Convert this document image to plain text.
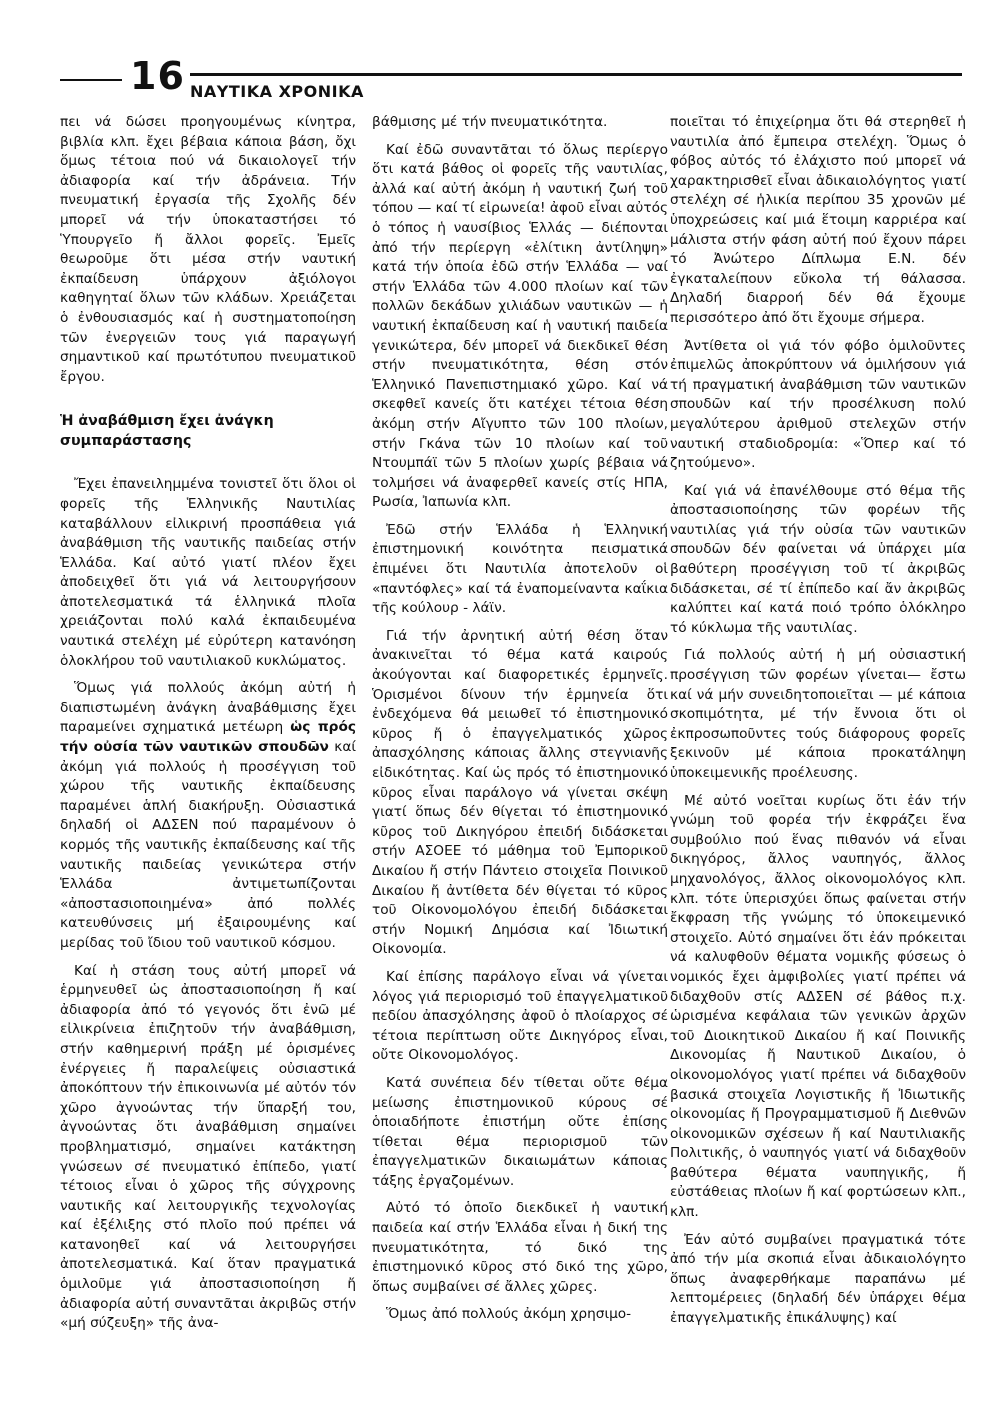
16 ΝΑΥΤΙΚΑ ΧΡΟΝΙΚΑ

πει νά δώσει προηγουμένως κίνητρα, βιβλία κλπ. ἔχει βέβαια κάποια βάση, ὄχι ὅμως τέτοια πού νά δικαιολογεῖ τήν ἀδιαφορία καί τήν ἀδράνεια. Τήν πνευματική ἐργασία τῆς Σχολῆς δέν μπορεῖ νά τήν ὑποκαταστήσει τό Ὑπουργεῖο ἤ ἄλλοι φορεῖς. Ἐμεῖς θεωροῦμε ὅτι μέσα στήν ναυτική ἐκπαίδευση ὑπάρχουν ἀξιόλογοι καθηγηταί ὅλων τῶν κλάδων. Χρειάζεται ὁ ἐνθουσιασμός καί ἡ συστηματοποίηση τῶν ἐνεργειῶν τους γιά παραγωγή σημαντικοῦ καί πρωτότυπου πνευματικοῦ ἔργου.

Ἡ ἀναβάθμιση ἔχει ἀνάγκη συμπαράστασης

Ἔχει ἐπανειλημμένα τονιστεῖ ὅτι ὅλοι οἱ φορεῖς τῆς Ἑλληνικῆς Ναυτιλίας καταβάλλουν εἰλικρινή προσπάθεια γιά ἀναβάθμιση τῆς ναυτικῆς παιδείας στήν Ἑλλάδα. Καί αὐτό γιατί πλέον ἔχει ἀποδειχθεῖ ὅτι γιά νά λειτουργήσουν ἀποτελεσματικά τά ἑλληνικά πλοῖα χρειάζονται πολύ καλά ἐκπαιδευμένα ναυτικά στελέχη μέ εὐρύτερη κατανόηση ὁλοκλήρου τοῦ ναυτιλιακοῦ κυκλώματος.

Ὅμως γιά πολλούς ἀκόμη αὐτή ἡ διαπιστωμένη ἀνάγκη ἀναβάθμισης ἔχει παραμείνει σχηματικά μετέωρη ὡς πρός τήν οὐσία τῶν ναυτικῶν σπουδῶν καί ἀκόμη γιά πολλούς ἡ προσέγγιση τοῦ χώρου τῆς ναυτικῆς ἐκπαίδευσης παραμένει ἁπλή διακήρυξη. Οὐσιαστικά δηλαδή οἱ ΑΔΣΕΝ πού παραμένουν ὁ κορμός τῆς ναυτικῆς ἐκπαίδευσης καί τῆς ναυτικῆς παιδείας γενικώτερα στήν Ἑλλάδα ἀντιμετωπίζονται «ἀποστασιοποιημένα» ἀπό πολλές κατευθύνσεις μή ἐξαιρουμένης καί μερίδας τοῦ ἴδιου τοῦ ναυτικοῦ κόσμου.

Καί ἡ στάση τους αὐτή μπορεῖ νά ἑρμηνευθεῖ ὡς ἀποστασιοποίηση ἤ καί ἀδιαφορία ἀπό τό γεγονός ὅτι ἐνῶ μέ εἰλικρίνεια ἐπιζητοῦν τήν ἀναβάθμιση, στήν καθημερινή πράξη μέ ὁρισμένες ἐνέργειες ἤ παραλείψεις οὐσιαστικά ἀποκόπτουν τήν ἐπικοινωνία μέ αὐτόν τόν χῶρο ἀγνοώντας τήν ὕπαρξή του, ἀγνοώντας ὅτι ἀναβάθμιση σημαίνει προβληματισμό, σημαίνει κατάκτηση γνώσεων σέ πνευματικό ἐπίπεδο, γιατί τέτοιος εἶναι ὁ χῶρος τῆς σύγχρονης ναυτικῆς καί λειτουργικῆς τεχνολογίας καί ἐξέλιξης στό πλοῖο πού πρέπει νά κατανοηθεῖ καί νά λειτουργήσει ἀποτελεσματικά. Καί ὅταν πραγματικά ὁμιλοῦμε γιά ἀποστασιοποίηση ἤ ἀδιαφορία αὐτή συναντᾶται ἀκριβῶς στήν «μή σύζευξη» τῆς ἀνα-

βάθμισης μέ τήν πνευματικότητα.

Καί ἐδῶ συναντᾶται τό ὅλως περίεργο ὅτι κατά βάθος οἱ φορεῖς τῆς ναυτιλίας, ἀλλά καί αὐτή ἀκόμη ἡ ναυτική ζωή τοῦ τόπου — καί τί εἰρωνεία! ἀφοῦ εἶναι αὐτός ὁ τόπος ἡ ναυσίβιος Ἑλλάς — διέπονται ἀπό τήν περίεργη «ἐλίτικη ἀντίληψη» κατά τήν ὁποία ἐδῶ στήν Ἑλλάδα — ναί στήν Ἑλλάδα τῶν 4.000 πλοίων καί τῶν πολλῶν δεκάδων χιλιάδων ναυτικῶν — ἡ ναυτική ἐκπαίδευση καί ἡ ναυτική παιδεία γενικώτερα, δέν μπορεῖ νά διεκδικεῖ θέση στήν πνευματικότητα, θέση στόν Ἑλληνικό Πανεπιστημιακό χῶρο. Καί νά σκεφθεῖ κανείς ὅτι κατέχει τέτοια θέση ἀκόμη στήν Αἴγυπτο τῶν 100 πλοίων, στήν Γκάνα τῶν 10 πλοίων καί τοῦ Ντουμπάϊ τῶν 5 πλοίων χωρίς βέβαια νά τολμήσει νά ἀναφερθεῖ κανείς στίς ΗΠΑ, Ρωσία, Ἰαπωνία κλπ.

Ἐδῶ στήν Ἑλλάδα ἡ Ἑλληνική ἐπιστημονική κοινότητα πεισματικά ἐπιμένει ὅτι Ναυτιλία ἀποτελοῦν οἱ «παντόφλες» καί τά ἐναπομείναντα καΐκια τῆς κούλουρ - λάϊν.

Γιά τήν ἀρνητική αὐτή θέση ὅταν ἀνακινεῖται τό θέμα κατά καιρούς ἀκούγονται καί διαφορετικές ἑρμηνεῖς. Ὁρισμένοι δίνουν τήν ἑρμηνεία ὅτι ἐνδεχόμενα θά μειωθεῖ τό ἐπιστημονικό κῦρος ἤ ὁ ἐπαγγελματικός χῶρος ἀπασχόλησης κάποιας ἄλλης στεγνιανῆς εἰδικότητας. Καί ὡς πρός τό ἐπιστημονικό κῦρος εἶναι παράλογο νά γίνεται σκέψη γιατί ὅπως δέν θίγεται τό ἐπιστημονικό κῦρος τοῦ Δικηγόρου ἐπειδή διδάσκεται στήν ΑΣΟΕΕ τό μάθημα τοῦ Ἐμπορικοῦ Δικαίου ἤ στήν Πάντειο στοιχεῖα Ποινικοῦ Δικαίου ἤ ἀντίθετα δέν θίγεται τό κῦρος τοῦ Οἰκονομολόγου ἐπειδή διδάσκεται στήν Νομική Δημόσια καί Ἰδιωτική Οἰκονομία.

Καί ἐπίσης παράλογο εἶναι νά γίνεται λόγος γιά περιορισμό τοῦ ἐπαγγελματικοῦ πεδίου ἀπασχόλησης ἀφοῦ ὁ πλοίαρχος σέ τέτοια περίπτωση οὔτε Δικηγόρος εἶναι, οὔτε Οἰκονομολόγος.

Κατά συνέπεια δέν τίθεται οὔτε θέμα μείωσης ἐπιστημονικοῦ κύρους σέ ὁποιαδήποτε ἐπιστήμη οὔτε ἐπίσης τίθεται θέμα περιορισμοῦ τῶν ἐπαγγελματικῶν δικαιωμάτων κάποιας τάξης ἐργαζομένων.

Αὐτό τό ὁποῖο διεκδικεῖ ἡ ναυτική παιδεία καί στήν Ἑλλάδα εἶναι ἡ δική της πνευματικότητα, τό δικό της ἐπιστημονικό κῦρος στό δικό της χῶρο, ὅπως συμβαίνει σέ ἄλλες χῶρες.

Ὅμως ἀπό πολλούς ἀκόμη χρησιμο-

ποιεῖται τό ἐπιχείρημα ὅτι θά στερηθεῖ ἡ ναυτιλία ἀπό ἔμπειρα στελέχη. Ὅμως ὁ φόβος αὐτός τό ἐλάχιστο πού μπορεῖ νά χαρακτηρισθεῖ εἶναι ἀδικαιολόγητος γιατί στελέχη σέ ἡλικία περίπου 35 χρονῶν μέ ὑποχρεώσεις καί μιά ἕτοιμη καρριέρα καί μάλιστα στήν φάση αὐτή πού ἔχουν πάρει τό Ἀνώτερο Δίπλωμα Ε.Ν. δέν ἐγκαταλείπουν εὔκολα τή θάλασσα. Δηλαδή διαρροή δέν θά ἔχουμε περισσότερο ἀπό ὅτι ἔχουμε σήμερα.

Ἀντίθετα οἱ γιά τόν φόβο ὁμιλοῦντες ἐπιμελῶς ἀποκρύπτουν νά ὁμιλήσουν γιά τή πραγματική ἀναβάθμιση τῶν ναυτικῶν σπουδῶν καί τήν προσέλκυση πολύ μεγαλύτερου ἀριθμοῦ στελεχῶν στήν ναυτική σταδιοδρομία: «Ὅπερ καί τό ζητούμενο».

Καί γιά νά ἐπανέλθουμε στό θέμα τῆς ἀποστασιοποίησης τῶν φορέων τῆς ναυτιλίας γιά τήν οὐσία τῶν ναυτικῶν σπουδῶν δέν φαίνεται νά ὑπάρχει μία βαθύτερη προσέγγιση τοῦ τί ἀκριβῶς διδάσκεται, σέ τί ἐπίπεδο καί ἄν ἀκριβῶς καλύπτει καί κατά ποιό τρόπο ὁλόκληρο τό κύκλωμα τῆς ναυτιλίας.

Γιά πολλούς αὐτή ἡ μή οὐσιαστική προσέγγιση τῶν φορέων γίνεται— ἔστω καί νά μήν συνειδητοποιεῖται — μέ κάποια σκοπιμότητα, μέ τήν ἔννοια ὅτι οἱ ἐκπροσωποῦντες τούς διάφορους φορεῖς ξεκινοῦν μέ κάποια προκατάληψη ὑποκειμενικῆς προέλευσης.

Μέ αὐτό νοεῖται κυρίως ὅτι ἐάν τήν γνώμη τοῦ φορέα τήν ἐκφράζει ἕνα συμβούλιο πού ἕνας πιθανόν νά εἶναι δικηγόρος, ἄλλος ναυπηγός, ἄλλος μηχανολόγος, ἄλλος οἰκονομολόγος κλπ. κλπ. τότε ὑπερισχύει ὅπως φαίνεται στήν ἔκφραση τῆς γνώμης τό ὑποκειμενικό στοιχεῖο. Αὐτό σημαίνει ὅτι ἐάν πρόκειται νά καλυφθοῦν θέματα νομικῆς φύσεως ὁ νομικός ἔχει ἀμφιβολίες γιατί πρέπει νά διδαχθοῦν στίς ΑΔΣΕΝ σέ βάθος π.χ. ὡρισμένα κεφάλαια τῶν γενικῶν ἀρχῶν τοῦ Διοικητικοῦ Δικαίου ἤ καί Ποινικῆς Δικονομίας ἤ Ναυτικοῦ Δικαίου, ὁ οἰκονομολόγος γιατί πρέπει νά διδαχθοῦν βασικά στοιχεῖα Λογιστικῆς ἤ Ἰδιωτικῆς οἰκονομίας ἤ Προγραμματισμοῦ ἤ Διεθνῶν οἰκονομικῶν σχέσεων ἤ καί Ναυτιλιακῆς Πολιτικῆς, ὁ ναυπηγός γιατί νά διδαχθοῦν βαθύτερα θέματα ναυπηγικῆς, ἤ εὐστάθειας πλοίων ἤ καί φορτώσεων κλπ., κλπ.

Ἐάν αὐτό συμβαίνει πραγματικά τότε ἀπό τήν μία σκοπιά εἶναι ἀδικαιολόγητο ὅπως ἀναφερθήκαμε παραπάνω μέ λεπτομέρειες (δηλαδή δέν ὑπάρχει θέμα ἐπαγγελματικῆς ἐπικάλυψης) καί
